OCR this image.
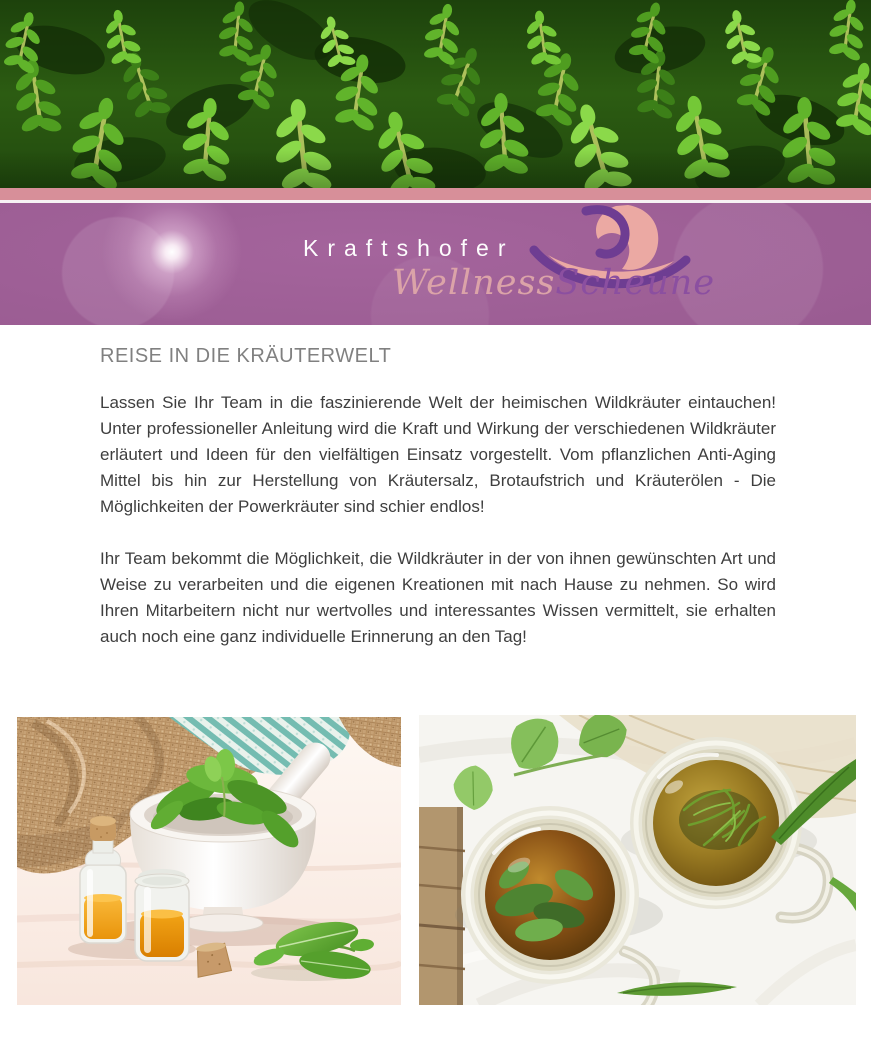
Kraftshofer
WellnessScheune
REISE IN DIE KRÄUTERWELT

Lassen Sie Ihr Team in die faszinierende Welt der heimischen Wildkräuter eintauchen! Unter professioneller Anleitung wird die Kraft und Wirkung der verschiedenen Wildkräuter erläutert und Ideen für den vielfältigen Einsatz vorgestellt. Vom pflanzlichen Anti-Aging Mittel bis hin zur Herstellung von Kräutersalz, Brotaufstrich und Kräuterölen - Die Möglichkeiten der Powerkräuter sind schier endlos!

Ihr Team bekommt die Möglichkeit, die Wildkräuter in der von ihnen gewünschten Art und Weise zu verarbeiten und die eigenen Kreationen mit nach Hause zu nehmen. So wird Ihren Mitarbeitern nicht nur wertvolles und interessantes Wissen vermittelt, sie erhalten auch noch eine ganz individuelle Erinnerung an den Tag!
